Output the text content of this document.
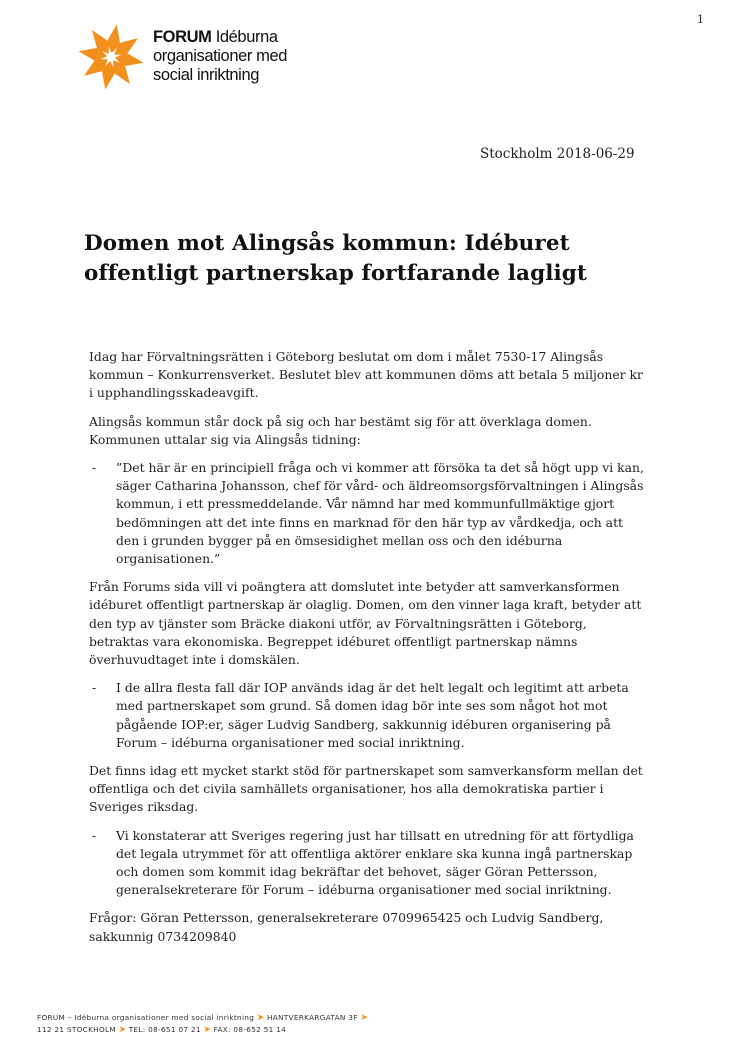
1
FORUM Idéburna
organisationer med
social inriktning
Stockholm 2018-06-29
Domen mot Alingsås kommun: Idéburet offentligt partnerskap fortfarande lagligt

Idag har Förvaltningsrätten i Göteborg beslutat om dom i målet 7530-17 Alingsås kommun – Konkurrensverket. Beslutet blev att kommunen döms att betala 5 miljoner kr i upphandlingsskadeavgift.

Alingsås kommun står dock på sig och har bestämt sig för att överklaga domen. Kommunen uttalar sig via Alingsås tidning:

- ”Det här är en principiell fråga och vi kommer att försöka ta det så högt upp vi kan, säger Catharina Johansson, chef för vård- och äldreomsorgsförvaltningen i Alingsås kommun, i ett pressmeddelande. Vår nämnd har med kommunfullmäktige gjort bedömningen att det inte finns en marknad för den här typ av vårdkedja, och att den i grunden bygger på en ömsesidighet mellan oss och den idéburna organisationen.”

Från Forums sida vill vi poängtera att domslutet inte betyder att samverkansformen idéburet offentligt partnerskap är olaglig. Domen, om den vinner laga kraft, betyder att den typ av tjänster som Bräcke diakoni utför, av Förvaltningsrätten i Göteborg, betraktas vara ekonomiska. Begreppet idéburet offentligt partnerskap nämns överhuvudtaget inte i domskälen.

- I de allra flesta fall där IOP används idag är det helt legalt och legitimt att arbeta med partnerskapet som grund. Så domen idag bör inte ses som något hot mot pågående IOP:er, säger Ludvig Sandberg, sakkunnig idéburen organisering på Forum – idéburna organisationer med social inriktning.

Det finns idag ett mycket starkt stöd för partnerskapet som samverkansform mellan det offentliga och det civila samhällets organisationer, hos alla demokratiska partier i Sveriges riksdag.

- Vi konstaterar att Sveriges regering just har tillsatt en utredning för att förtydliga det legala utrymmet för att offentliga aktörer enklare ska kunna ingå partnerskap och domen som kommit idag bekräftar det behovet, säger Göran Pettersson, generalsekreterare för Forum – idéburna organisationer med social inriktning.

Frågor: Göran Pettersson, generalsekreterare 0709965425 och Ludvig Sandberg, sakkunnig 0734209840

FORUM – Idéburna organisationer med social inriktning ➤ HANTVERKARGATAN 3F ➤
112 21 STOCKHOLM ➤ TEL: 08-651 07 21 ➤ FAX: 08-652 51 14
